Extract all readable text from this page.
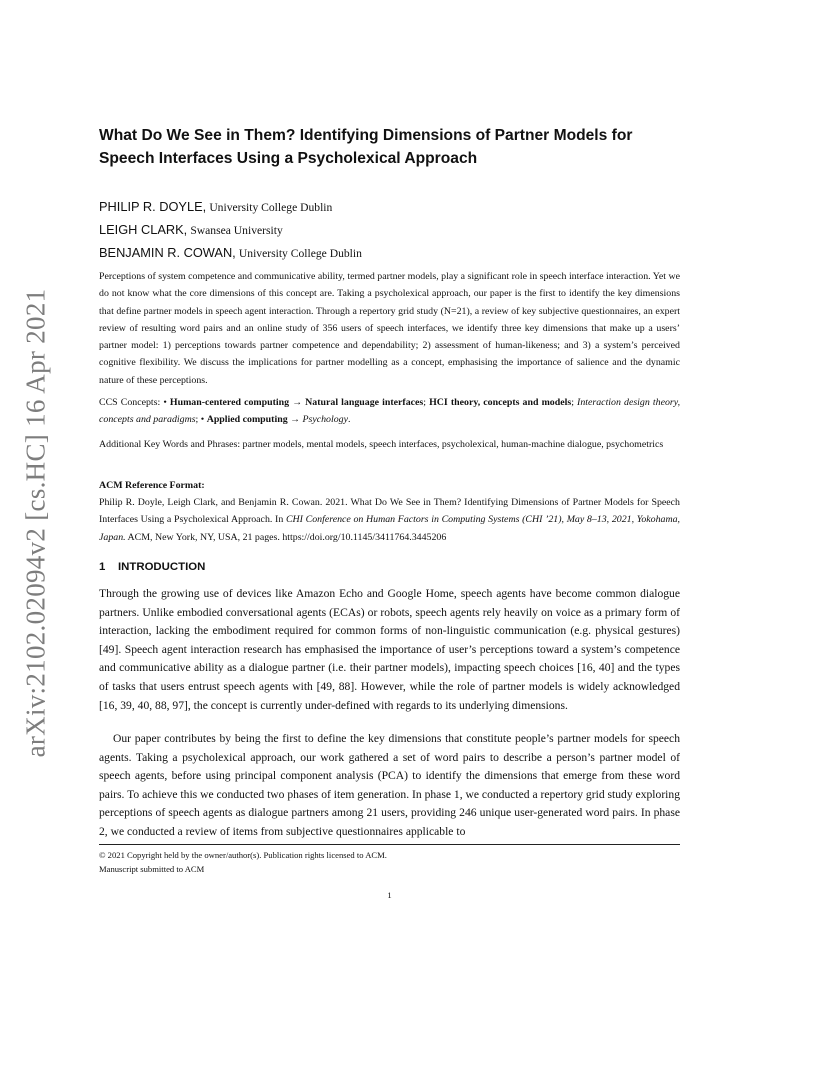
arXiv:2102.02094v2 [cs.HC] 16 Apr 2021
What Do We See in Them? Identifying Dimensions of Partner Models for
Speech Interfaces Using a Psycholexical Approach
PHILIP R. DOYLE, University College Dublin
LEIGH CLARK, Swansea University
BENJAMIN R. COWAN, University College Dublin

Perceptions of system competence and communicative ability, termed partner models, play a significant role in speech interface interaction. Yet we do not know what the core dimensions of this concept are. Taking a psycholexical approach, our paper is the first to identify the key dimensions that define partner models in speech agent interaction. Through a repertory grid study (N=21), a review of key subjective questionnaires, an expert review of resulting word pairs and an online study of 356 users of speech interfaces, we identify three key dimensions that make up a users’ partner model: 1) perceptions towards partner competence and dependability; 2) assessment of human-likeness; and 3) a system’s perceived cognitive flexibility. We discuss the implications for partner modelling as a concept, emphasising the importance of salience and the dynamic nature of these perceptions.

CCS Concepts: • Human-centered computing → Natural language interfaces; HCI theory, concepts and models; Interaction design theory, concepts and paradigms; • Applied computing → Psychology.

Additional Key Words and Phrases: partner models, mental models, speech interfaces, psycholexical, human-machine dialogue, psychometrics

ACM Reference Format:

Philip R. Doyle, Leigh Clark, and Benjamin R. Cowan. 2021. What Do We See in Them? Identifying Dimensions of Partner Models for Speech Interfaces Using a Psycholexical Approach. In CHI Conference on Human Factors in Computing Systems (CHI ’21), May 8–13, 2021, Yokohama, Japan. ACM, New York, NY, USA, 21 pages. https://doi.org/10.1145/3411764.3445206

1 INTRODUCTION

Through the growing use of devices like Amazon Echo and Google Home, speech agents have become common dialogue partners. Unlike embodied conversational agents (ECAs) or robots, speech agents rely heavily on voice as a primary form of interaction, lacking the embodiment required for common forms of non-linguistic communication (e.g. physical gestures) [49]. Speech agent interaction research has emphasised the importance of user’s perceptions toward a system’s competence and communicative ability as a dialogue partner (i.e. their partner models), impacting speech choices [16, 40] and the types of tasks that users entrust speech agents with [49, 88]. However, while the role of partner models is widely acknowledged [16, 39, 40, 88, 97], the concept is currently under-defined with regards to its underlying dimensions.

Our paper contributes by being the first to define the key dimensions that constitute people’s partner models for speech agents. Taking a psycholexical approach, our work gathered a set of word pairs to describe a person’s partner model of speech agents, before using principal component analysis (PCA) to identify the dimensions that emerge from these word pairs. To achieve this we conducted two phases of item generation. In phase 1, we conducted a repertory grid study exploring perceptions of speech agents as dialogue partners among 21 users, providing 246 unique user-generated word pairs. In phase 2, we conducted a review of items from subjective questionnaires applicable to

© 2021 Copyright held by the owner/author(s). Publication rights licensed to ACM.
Manuscript submitted to ACM
1
